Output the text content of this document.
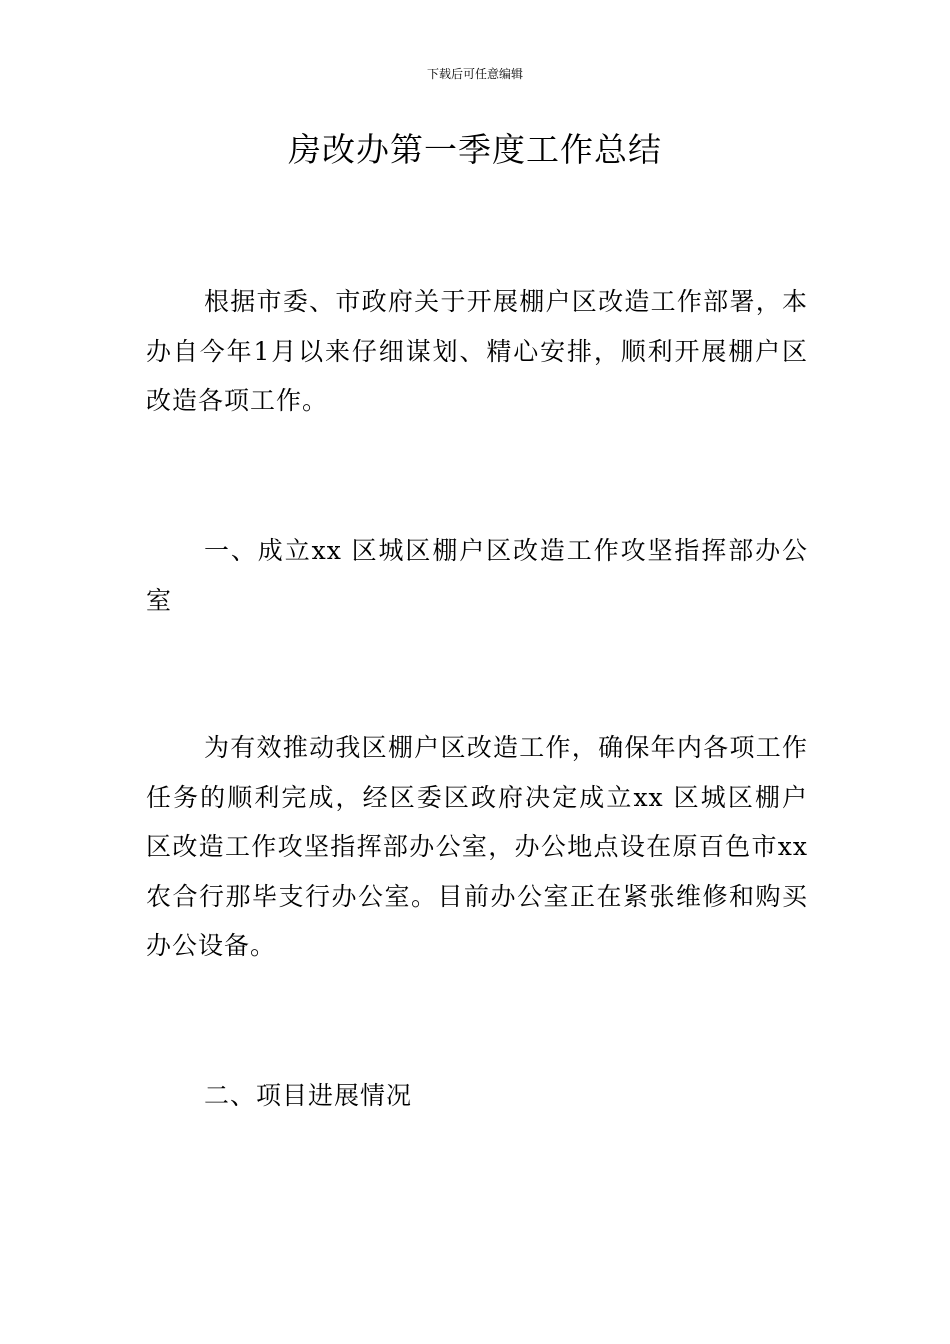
下载后可任意编辑
房改办第一季度工作总结

根据市委、市政府关于开展棚户区改造工作部署，本办自今年1月以来仔细谋划、精心安排，顺利开展棚户区改造各项工作。

一、成立xx 区城区棚户区改造工作攻坚指挥部办公室

为有效推动我区棚户区改造工作，确保年内各项工作任务的顺利完成，经区委区政府决定成立xx 区城区棚户区改造工作攻坚指挥部办公室，办公地点设在原百色市xx 农合行那毕支行办公室。目前办公室正在紧张维修和购买办公设备。

二、项目进展情况
